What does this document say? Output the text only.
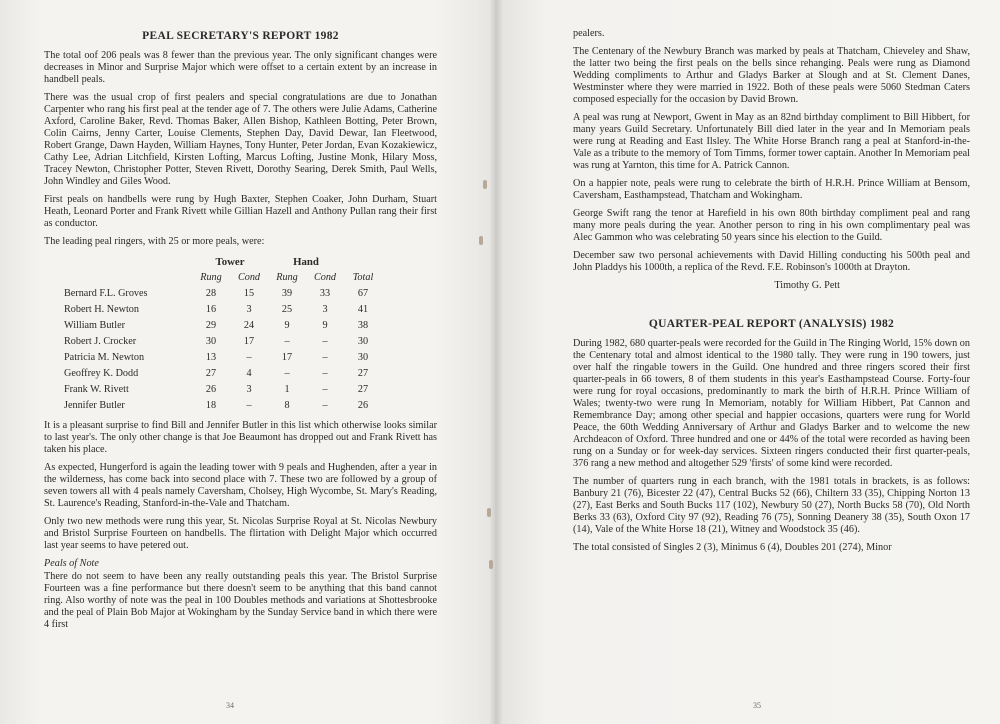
PEAL SECRETARY'S REPORT 1982

The total oof 206 peals was 8 fewer than the previous year. The only significant changes were decreases in Minor and Surprise Major which were offset to a certain extent by an increase in handbell peals.

There was the usual crop of first pealers and special congratulations are due to Jonathan Carpenter who rang his first peal at the tender age of 7. The others were Julie Adams, Catherine Axford, Caroline Baker, Revd. Thomas Baker, Allen Bishop, Kathleen Botting, Peter Brown, Colin Cairns, Jenny Carter, Louise Clements, Stephen Day, David Dewar, Ian Fleetwood, Robert Grange, Dawn Hayden, William Haynes, Tony Hunter, Peter Jordan, Evan Kozakiewicz, Cathy Lee, Adrian Litchfield, Kirsten Lofting, Marcus Lofting, Justine Monk, Hilary Moss, Tracey Newton, Christopher Potter, Steven Rivett, Dorothy Searing, Derek Smith, Paul Wells, John Windley and Giles Wood.

First peals on handbells were rung by Hugh Baxter, Stephen Coaker, John Durham, Stuart Heath, Leonard Porter and Frank Rivett while Gillian Hazell and Anthony Pullan rang their first as conductor.

The leading peal ringers, with 25 or more peals, were:

	Tower		Hand		
	Rung	Cond	Rung	Cond	Total
Bernard F.L. Groves	28	15	39	33	67
Robert H. Newton	16	3	25	3	41
William Butler	29	24	9	9	38
Robert J. Crocker	30	17	–	–	30
Patricia M. Newton	13	–	17	–	30
Geoffrey K. Dodd	27	4	–	–	27
Frank W. Rivett	26	3	1	–	27
Jennifer Butler	18	–	8	–	26

It is a pleasant surprise to find Bill and Jennifer Butler in this list which otherwise looks similar to last year's. The only other change is that Joe Beaumont has dropped out and Frank Rivett has taken his place.

As expected, Hungerford is again the leading tower with 9 peals and Hughenden, after a year in the wilderness, has come back into second place with 7. These two are followed by a group of seven towers all with 4 peals namely Caversham, Cholsey, High Wycombe, St. Mary's Reading, St. Laurence's Reading, Stanford-in-the-Vale and Thatcham.

Only two new methods were rung this year, St. Nicolas Surprise Royal at St. Nicolas Newbury and Bristol Surprise Fourteen on handbells. The flirtation with Delight Major which occurred last year seems to have petered out.

Peals of Note

There do not seem to have been any really outstanding peals this year. The Bristol Surprise Fourteen was a fine performance but there doesn't seem to be anything that this band cannot ring. Also worthy of note was the peal in 100 Doubles methods and variations at Shottesbrooke and the peal of Plain Bob Major at Wokingham by the Sunday Service band in which there were 4 first

34

pealers.

The Centenary of the Newbury Branch was marked by peals at Thatcham, Chieveley and Shaw, the latter two being the first peals on the bells since rehanging. Peals were rung as Diamond Wedding compliments to Arthur and Gladys Barker at Slough and at St. Clement Danes, Westminster where they were married in 1922. Both of these peals were 5060 Stedman Caters composed especially for the occasion by David Brown.

A peal was rung at Newport, Gwent in May as an 82nd birthday compliment to Bill Hibbert, for many years Guild Secretary. Unfortunately Bill died later in the year and In Memoriam peals were rung at Reading and East Ilsley. The White Horse Branch rang a peal at Stanford-in-the-Vale as a tribute to the memory of Tom Timms, former tower captain. Another In Memoriam peal was rung at Yarnton, this time for A. Patrick Cannon.

On a happier note, peals were rung to celebrate the birth of H.R.H. Prince William at Bensom, Caversham, Easthampstead, Thatcham and Wokingham.

George Swift rang the tenor at Harefield in his own 80th birthday compliment peal and rang many more peals during the year. Another person to ring in his own complimentary peal was Alec Gammon who was celebrating 50 years since his election to the Guild.

December saw two personal achievements with David Hilling conducting his 500th peal and John Pladdys his 1000th, a replica of the Revd. F.E. Robinson's 1000th at Drayton.

Timothy G. Pett

QUARTER-PEAL REPORT (ANALYSIS) 1982

During 1982, 680 quarter-peals were recorded for the Guild in The Ringing World, 15% down on the Centenary total and almost identical to the 1980 tally. They were rung in 190 towers, just over half the ringable towers in the Guild. One hundred and three ringers scored their first quarter-peals in 66 towers, 8 of them students in this year's Easthampstead Course. Forty-four were rung for royal occasions, predominantly to mark the birth of H.R.H. Prince William of Wales; twenty-two were rung In Memoriam, notably for William Hibbert, Pat Cannon and Remembrance Day; among other special and happier occasions, quarters were rung for World Peace, the 60th Wedding Anniversary of Arthur and Gladys Barker and to welcome the new Archdeacon of Oxford. Three hundred and one or 44% of the total were recorded as having been rung on a Sunday or for week-day services. Sixteen ringers conducted their first quarter-peals, 376 rang a new method and altogether 529 'firsts' of some kind were recorded.

The number of quarters rung in each branch, with the 1981 totals in brackets, is as follows: Banbury 21 (76), Bicester 22 (47), Central Bucks 52 (66), Chiltern 33 (35), Chipping Norton 13 (27), East Berks and South Bucks 117 (102), Newbury 50 (27), North Bucks 58 (70), Old North Berks 33 (63), Oxford City 97 (92), Reading 76 (75), Sonning Deanery 38 (35), South Oxon 17 (14), Vale of the White Horse 18 (21), Witney and Woodstock 35 (46).

The total consisted of Singles 2 (3), Minimus 6 (4), Doubles 201 (274), Minor

35
